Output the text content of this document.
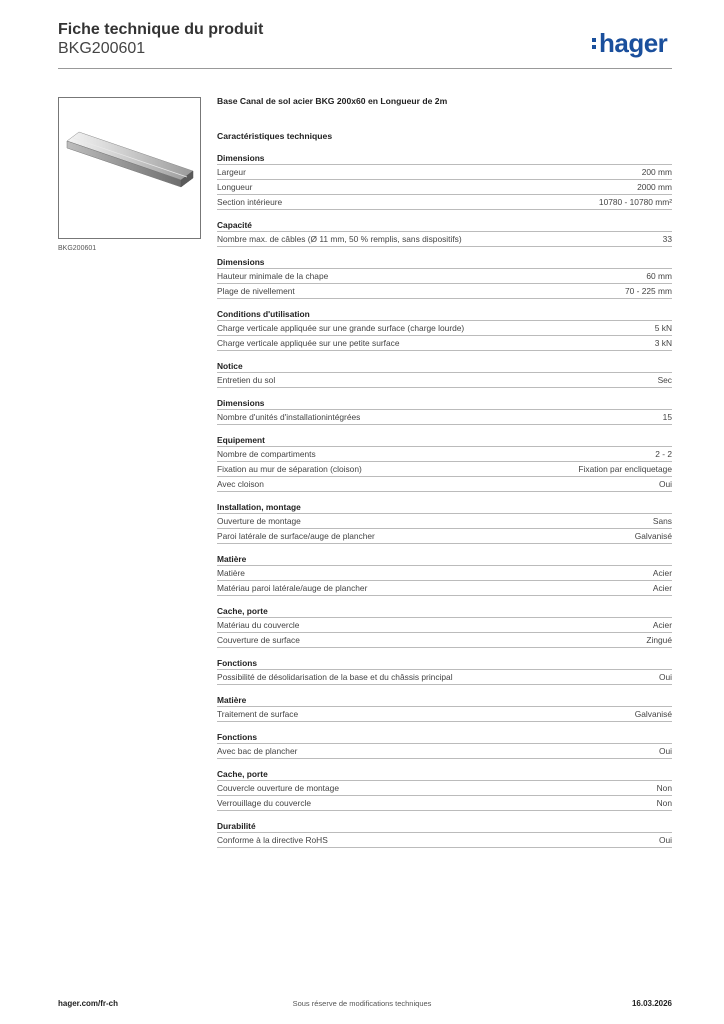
Fiche technique du produit
BKG200601	hager
BKG200601
Base Canal de sol acier BKG 200x60 en Longueur de 2m
Caractéristiques techniques
Dimensions
Largeur	200 mm
Longueur	2000 mm
Section intérieure	10780 - 10780 mm²
Capacité
Nombre max. de câbles (Ø 11 mm, 50 % remplis, sans dispositifs)	33
Dimensions
Hauteur minimale de la chape	60 mm
Plage de nivellement	70 - 225 mm
Conditions d'utilisation
Charge verticale appliquée sur une grande surface (charge lourde)	5 kN
Charge verticale appliquée sur une petite surface	3 kN
Notice
Entretien du sol	Sec
Dimensions
Nombre d'unités d'installationintégrées	15
Equipement
Nombre de compartiments	2 - 2
Fixation au mur de séparation (cloison)	Fixation par encliquetage
Avec cloison	Oui
Installation, montage
Ouverture de montage	Sans
Paroi latérale de surface/auge de plancher	Galvanisé
Matière
Matière	Acier
Matériau paroi latérale/auge de plancher	Acier
Cache, porte
Matériau du couvercle	Acier
Couverture de surface	Zingué
Fonctions
Possibilité de désolidarisation de la base et du châssis principal	Oui
Matière
Traitement de surface	Galvanisé
Fonctions
Avec bac de plancher	Oui
Cache, porte
Couvercle ouverture de montage	Non
Verrouillage du couvercle	Non
Durabilité
Conforme à la directive RoHS	Oui
hager.com/fr-ch	Sous réserve de modifications techniques	16.03.2026
